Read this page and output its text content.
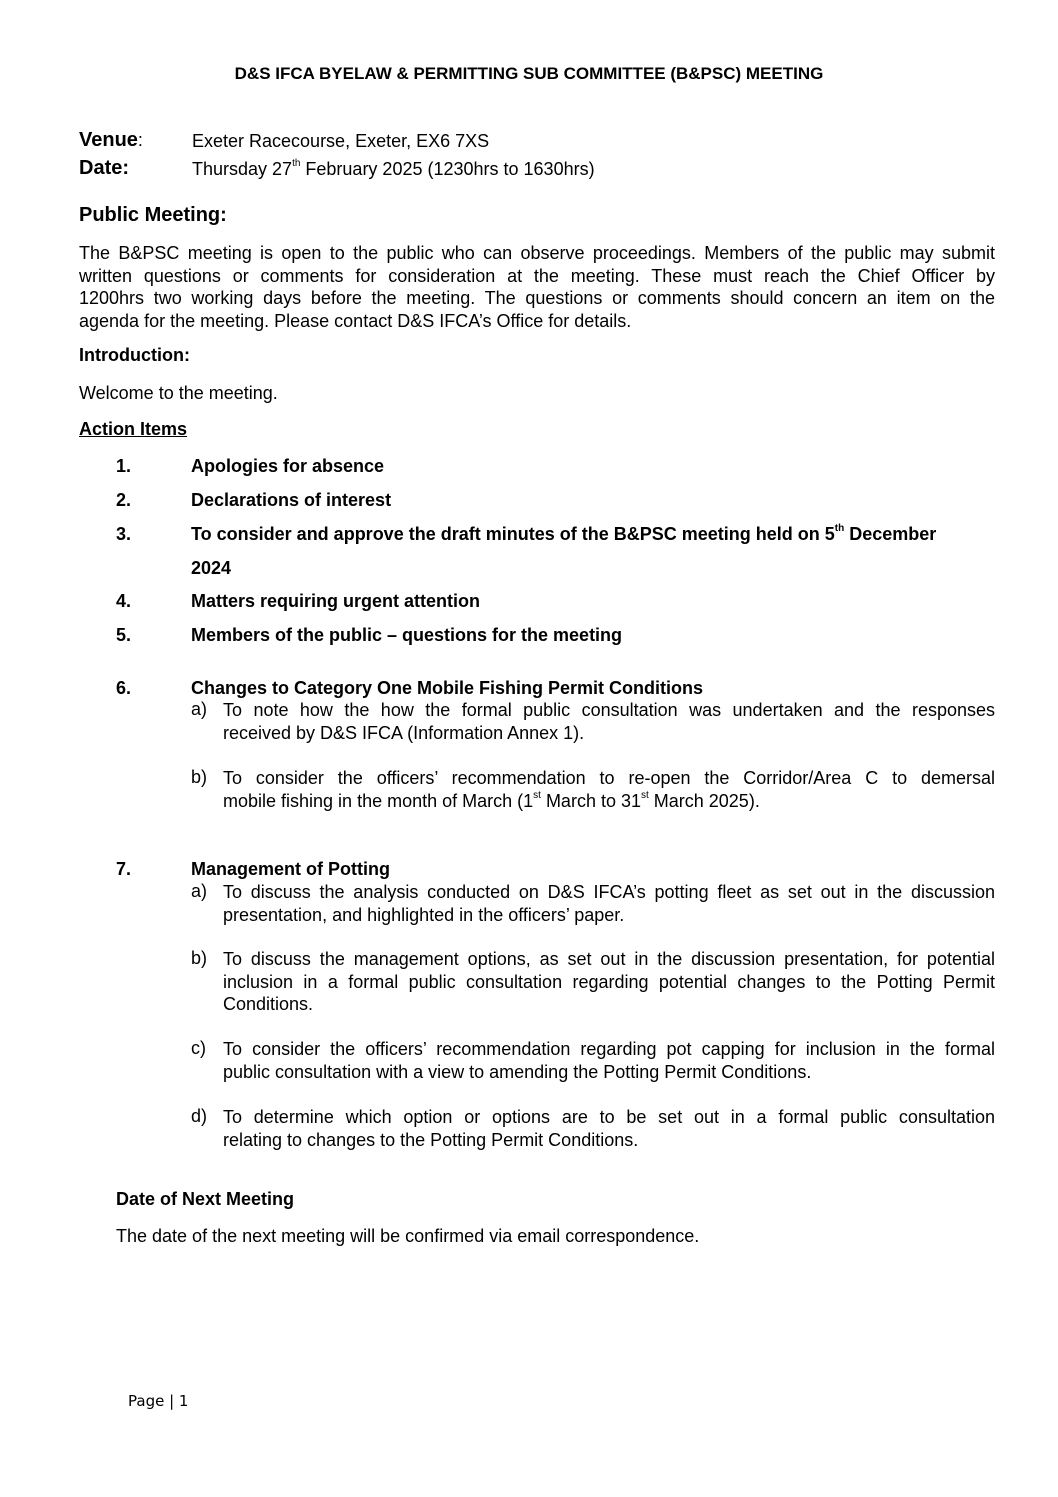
D&S IFCA BYELAW & PERMITTING SUB COMMITTEE (B&PSC) MEETING
Venue:	Exeter Racecourse, Exeter, EX6 7XS
Date:	Thursday 27th February 2025 (1230hrs to 1630hrs)
Public Meeting:
The B&PSC meeting is open to the public who can observe proceedings. Members of the public may submit
written questions or comments for consideration at the meeting. These must reach the Chief Officer by
1200hrs two working days before the meeting. The questions or comments should concern an item on the
agenda for the meeting. Please contact D&S IFCA’s Office for details.
Introduction:
Welcome to the meeting.
Action Items
1.	Apologies for absence
2.	Declarations of interest
3.	To consider and approve the draft minutes of the B&PSC meeting held on 5th December
2024
4.	Matters requiring urgent attention
5.	Members of the public – questions for the meeting
6.	Changes to Category One Mobile Fishing Permit Conditions
a) To note how the how the formal public consultation was undertaken and the responses
received by D&S IFCA (Information Annex 1).
b) To consider the officers’ recommendation to re-open the Corridor/Area C to demersal
mobile fishing in the month of March (1st March to 31st March 2025).
7.	Management of Potting
a) To discuss the analysis conducted on D&S IFCA’s potting fleet as set out in the discussion
presentation, and highlighted in the officers’ paper.
b) To discuss the management options, as set out in the discussion presentation, for potential
inclusion in a formal public consultation regarding potential changes to the Potting Permit
Conditions.
c) To consider the officers’ recommendation regarding pot capping for inclusion in the formal
public consultation with a view to amending the Potting Permit Conditions.
d) To determine which option or options are to be set out in a formal public consultation
relating to changes to the Potting Permit Conditions.
Date of Next Meeting
The date of the next meeting will be confirmed via email correspondence.
Page | 1
